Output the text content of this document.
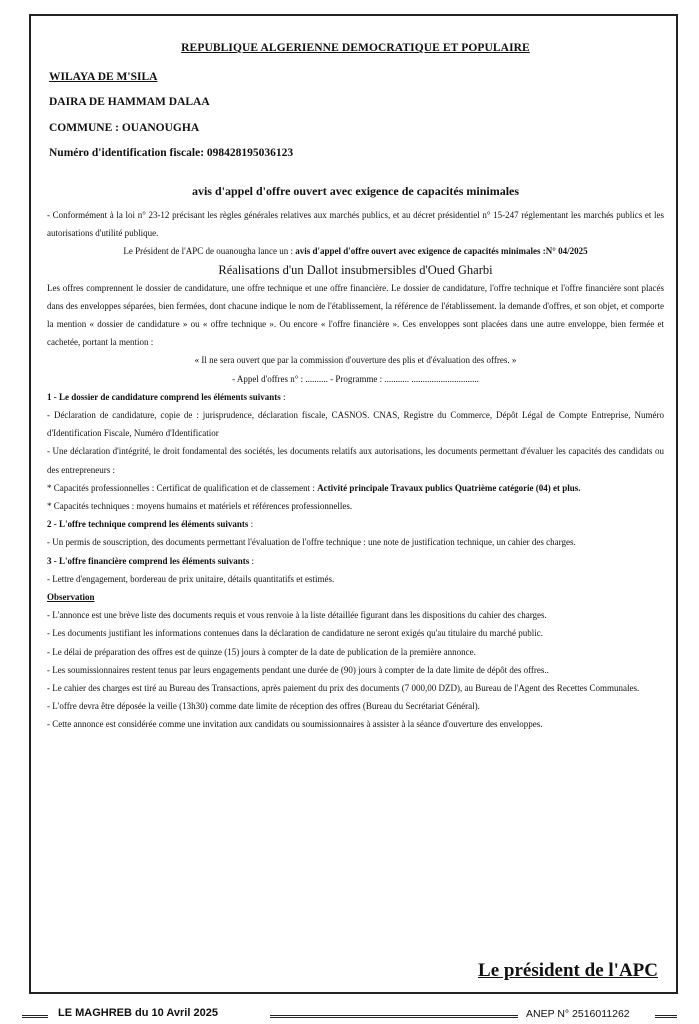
REPUBLIQUE ALGERIENNE DEMOCRATIQUE ET POPULAIRE
WILAYA DE M'SILA
DAIRA DE HAMMAM DALAA
COMMUNE : OUANOUGHA
Numéro d'identification fiscale: 098428195036123
avis d'appel d'offre ouvert avec exigence de capacités minimales

- Conformément à la loi n° 23-12 précisant les règles générales relatives aux marchés publics, et au décret présidentiel n° 15-247 réglementant les marchés publics et les autorisations d'utilité publique.

Le Président de l'APC de ouanougha lance un : avis d'appel d'offre ouvert avec exigence de capacités minimales :N° 04/2025

Réalisations d'un Dallot insubmersibles d'Oued Gharbi

Les offres comprennent le dossier de candidature, une offre technique et une offre financière. Le dossier de candidature, l'offre technique et l'offre financière sont placés dans des enveloppes séparées, bien fermées, dont chacune indique le nom de l'établissement, la référence de l'établissement. la demande d'offres, et son objet, et comporte la mention « dossier de candidature » ou « offre technique ». Ou encore « l'offre financière ». Ces enveloppes sont placées dans une autre enveloppe, bien fermée et cachetée, portant la mention :

« Il ne sera ouvert que par la commission d'ouverture des plis et d'évaluation des offres. »

- Appel d'offres n° : .......... - Programme : ........... ..............................

1 - Le dossier de candidature comprend les éléments suivants :

- Déclaration de candidature, copie de : jurisprudence, déclaration fiscale, CASNOS. CNAS, Registre du Commerce, Dépôt Légal de Compte Entreprise, Numéro d'Identification Fiscale, Numéro d'Identificatior

- Une déclaration d'intégrité, le droit fondamental des sociétés, les documents relatifs aux autorisations, les documents permettant d'évaluer les capacités des candidats ou des entrepreneurs :

* Capacités professionnelles : Certificat de qualification et de classement : Activité principale Travaux publics Quatrième catégorie (04) et plus.

* Capacités techniques : moyens humains et matériels et références professionnelles.

2 - L'offre technique comprend les éléments suivants :

- Un permis de souscription, des documents permettant l'évaluation de l'offre technique : une note de justification technique, un cahier des charges.

3 - L'offre financière comprend les éléments suivants :

- Lettre d'engagement, bordereau de prix unitaire, détails quantitatifs et estimés.

Observation

- L'annonce est une brève liste des documents requis et vous renvoie à la liste détaillée figurant dans les dispositions du cahier des charges.

- Les documents justifiant les informations contenues dans la déclaration de candidature ne seront exigés qu'au titulaire du marché public.

- Le délai de préparation des offres est de quinze (15) jours à compter de la date de publication de la première annonce.

- Les soumissionnaires restent tenus par leurs engagements pendant une durée de (90) jours à compter de la date limite de dépôt des offres..

- Le cahier des charges est tiré au Bureau des Transactions, après paiement du prix des documents (7 000,00 DZD), au Bureau de l'Agent des Recettes Communales.

- L'offre devra être déposée la veille (13h30) comme date limite de réception des offres (Bureau du Secrétariat Général).

- Cette annonce est considérée comme une invitation aux candidats ou soumissionnaires à assister à la séance d'ouverture des enveloppes.

Le président de l'APC
LE MAGHREB du 10 Avril 2025	ANEP N° 2516011262
